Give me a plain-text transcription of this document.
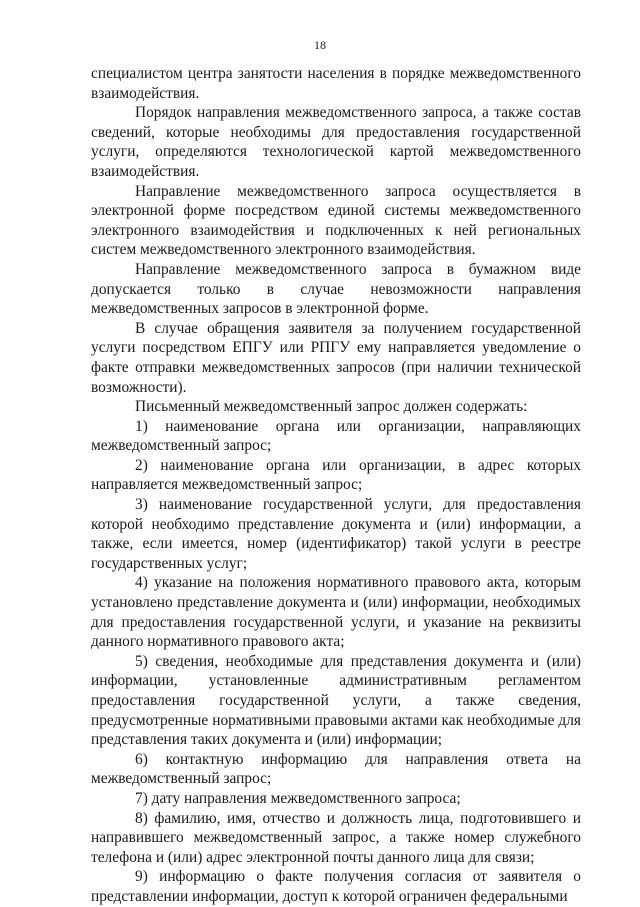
18

специалистом центра занятости населения в порядке межведомственного взаимодействия.

Порядок направления межведомственного запроса, а также состав сведений, которые необходимы для предоставления государственной услуги, определяются технологической картой межведомственного взаимодействия.

Направление межведомственного запроса осуществляется в электронной форме посредством единой системы межведомственного электронного взаимодействия и подключенных к ней региональных систем межведомственного электронного взаимодействия.

Направление межведомственного запроса в бумажном виде допускается только в случае невозможности направления межведомственных запросов в электронной форме.

В случае обращения заявителя за получением государственной услуги посредством ЕПГУ или РПГУ ему направляется уведомление о факте отправки межведомственных запросов (при наличии технической возможности).

Письменный межведомственный запрос должен содержать:

1) наименование органа или организации, направляющих межведомственный запрос;

2) наименование органа или организации, в адрес которых направляется межведомственный запрос;

3) наименование государственной услуги, для предоставления которой необходимо представление документа и (или) информации, а также, если имеется, номер (идентификатор) такой услуги в реестре государственных услуг;

4) указание на положения нормативного правового акта, которым установлено представление документа и (или) информации, необходимых для предоставления государственной услуги, и указание на реквизиты данного нормативного правового акта;

5) сведения, необходимые для представления документа и (или) информации, установленные административным регламентом предоставления государственной услуги, а также сведения, предусмотренные нормативными правовыми актами как необходимые для представления таких документа и (или) информации;

6) контактную информацию для направления ответа на межведомственный запрос;

7) дату направления межведомственного запроса;

8) фамилию, имя, отчество и должность лица, подготовившего и направившего межведомственный запрос, а также номер служебного телефона и (или) адрес электронной почты данного лица для связи;

9) информацию о факте получения согласия от заявителя о представлении информации, доступ к которой ограничен федеральными
